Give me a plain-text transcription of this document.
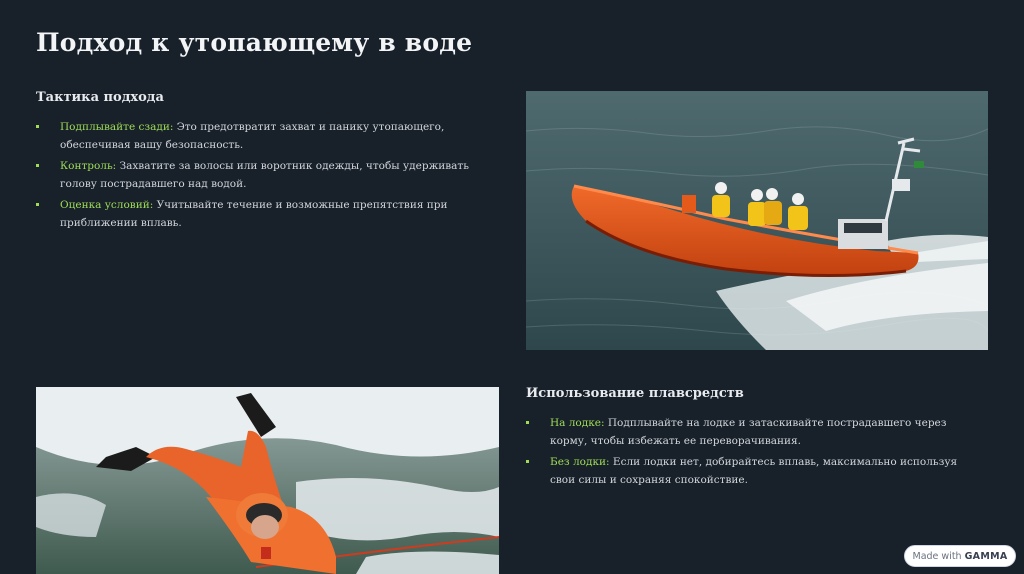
Подход к утопающему в воде
Тактика подхода
Подплывайте сзади: Это предотвратит захват и панику утопающего, обеспечивая вашу безопасность.
Контроль: Захватите за волосы или воротник одежды, чтобы удерживать голову пострадавшего над водой.
Оценка условий: Учитывайте течение и возможные препятствия при приближении вплавь.
Использование плавсредств
На лодке: Подплывайте на лодке и затаскивайте пострадавшего через корму, чтобы избежать ее переворачивания.
Без лодки: Если лодки нет, добирайтесь вплавь, максимально используя свои силы и сохраняя спокойствие.
Made with GAMMA
